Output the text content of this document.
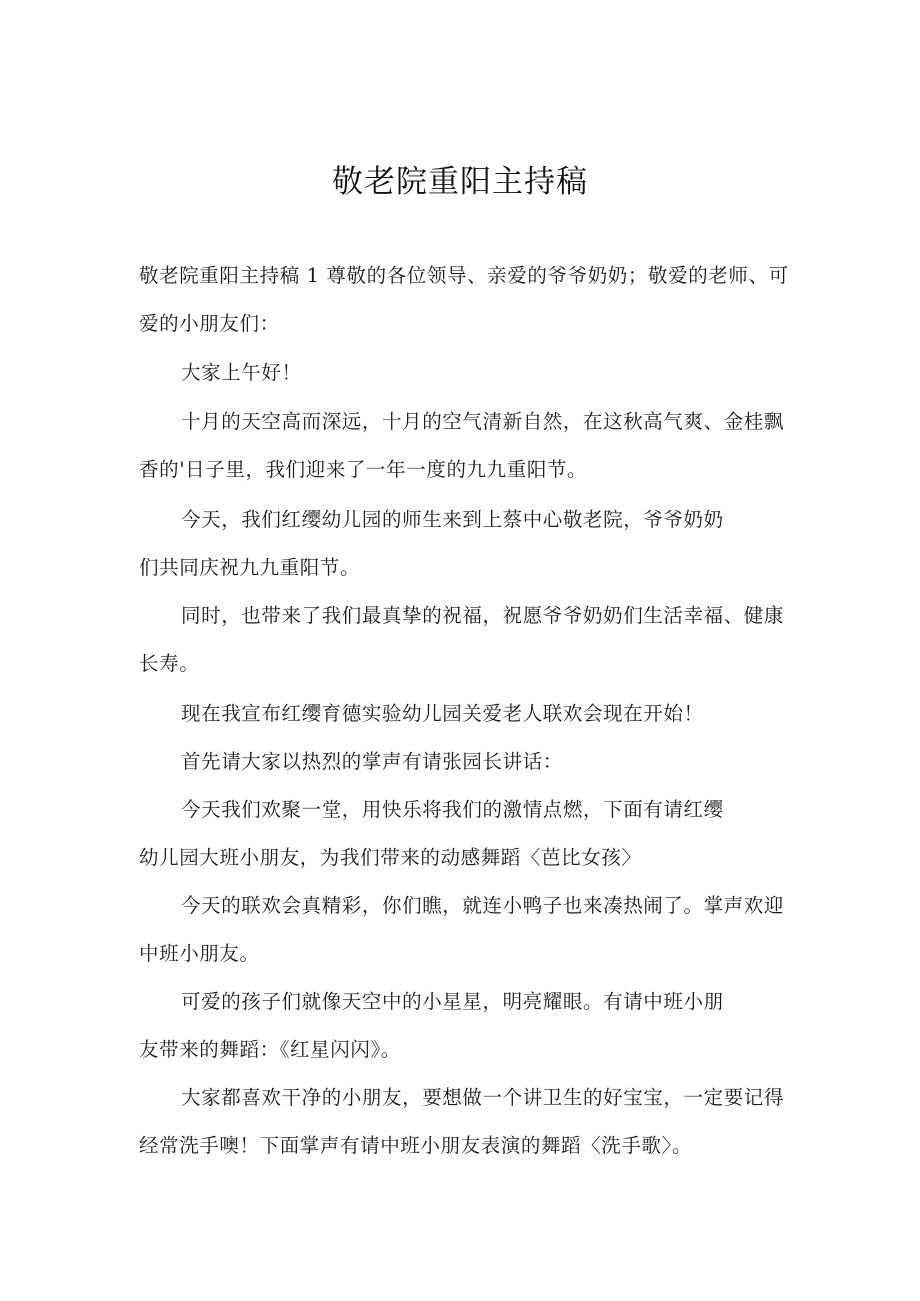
敬老院重阳主持稿
敬老院重阳主持稿 1 尊敬的各位领导、亲爱的爷爷奶奶；敬爱的老师、可
爱的小朋友们：
大家上午好！
十月的天空高而深远，十月的空气清新自然，在这秋高气爽、金桂飘
香的'日子里，我们迎来了一年一度的九九重阳节。
今天，我们红缨幼儿园的师生来到上蔡中心敬老院，爷爷奶奶
们共同庆祝九九重阳节。
同时，也带来了我们最真挚的祝福，祝愿爷爷奶奶们生活幸福、健康
长寿。
现在我宣布红缨育德实验幼儿园关爱老人联欢会现在开始！
首先请大家以热烈的掌声有请张园长讲话：
今天我们欢聚一堂，用快乐将我们的激情点燃，下面有请红缨
幼儿园大班小朋友，为我们带来的动感舞蹈〈芭比女孩〉
今天的联欢会真精彩，你们瞧，就连小鸭子也来凑热闹了。掌声欢迎
中班小朋友。
可爱的孩子们就像天空中的小星星，明亮耀眼。有请中班小朋
友带来的舞蹈：《红星闪闪》。
大家都喜欢干净的小朋友，要想做一个讲卫生的好宝宝，一定要记得
经常洗手噢！下面掌声有请中班小朋友表演的舞蹈〈洗手歌〉。
